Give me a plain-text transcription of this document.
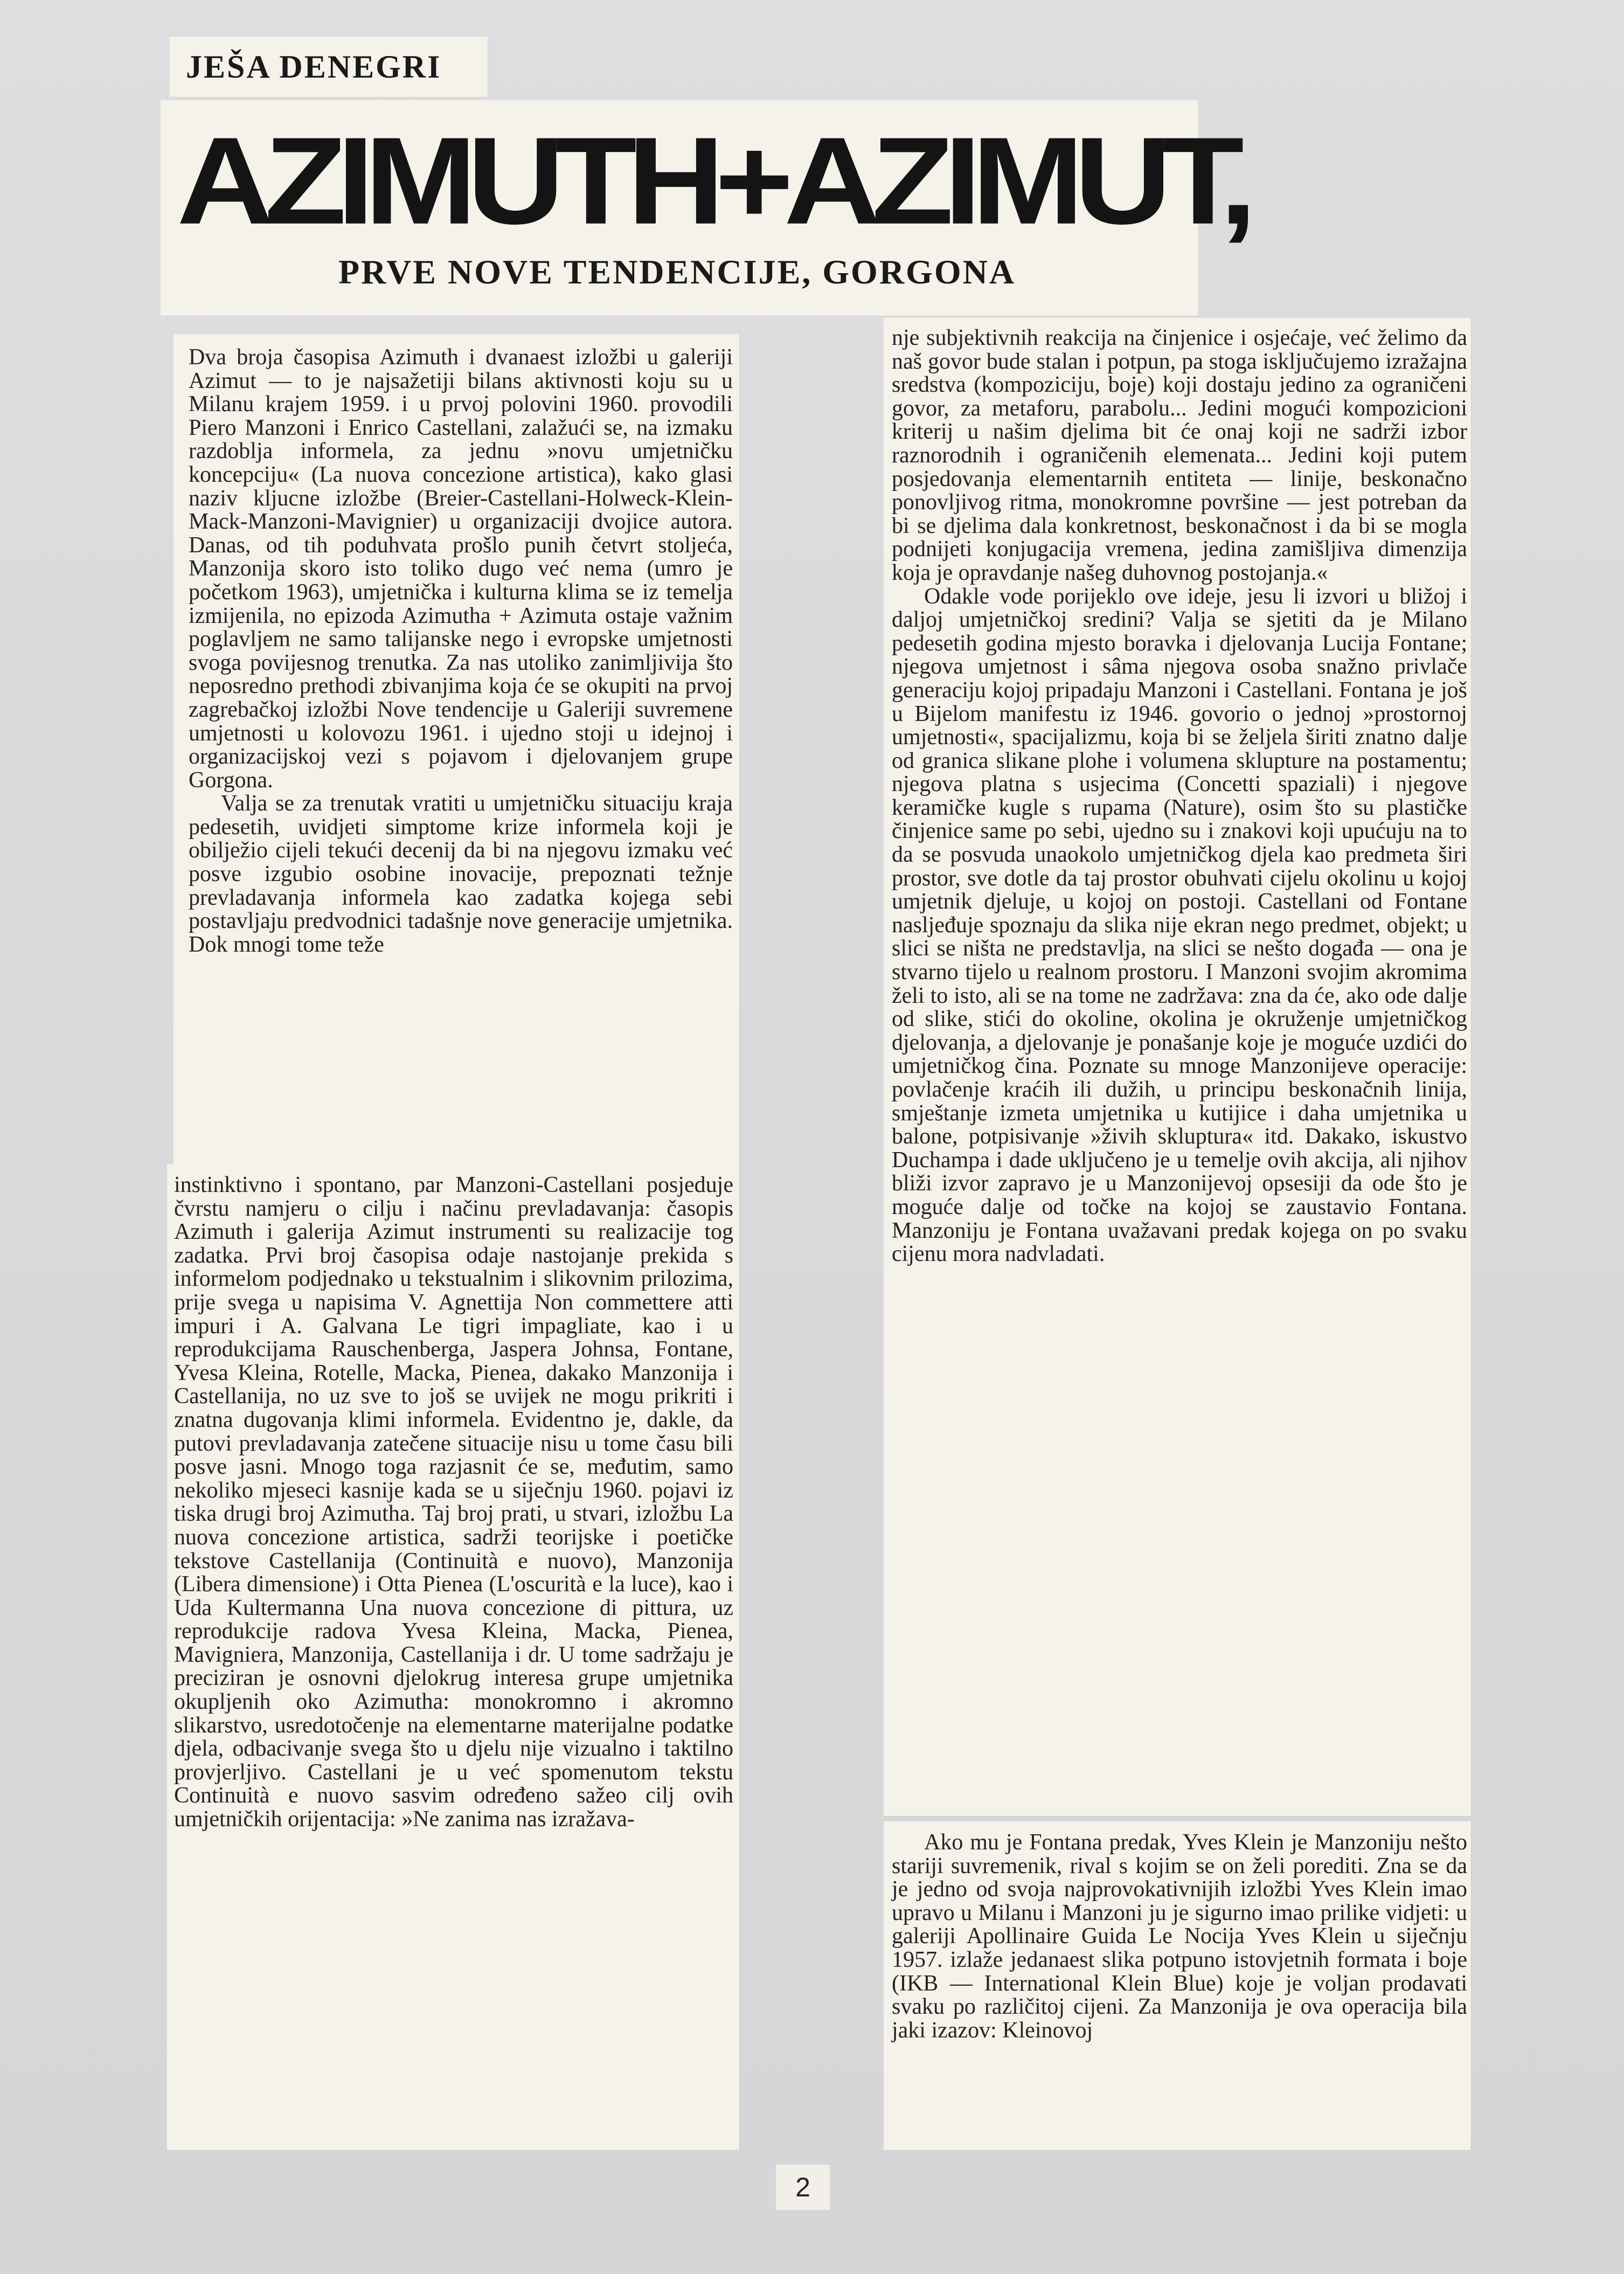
JEŠA DENEGRI
AZIMUTH+AZIMUT,
PRVE NOVE TENDENCIJE, GORGONA

Dva broja časopisa Azimuth i dvanaest izložbi u galeriji Azimut — to je najsažetiji bilans aktivnosti koju su u Milanu krajem 1959. i u prvoj polovini 1960. provodili Piero Manzoni i Enrico Castellani, zalažući se, na izmaku razdoblja informela, za jednu »novu umjetničku koncepciju« (La nuova concezione artistica), kako glasi naziv kljucne izložbe (Breier-Castellani-Holweck-Klein-Mack-Manzoni-Mavignier) u organizaciji dvojice autora. Danas, od tih poduhvata prošlo punih četvrt stoljeća, Manzonija skoro isto toliko dugo već nema (umro je početkom 1963), umjetnička i kulturna klima se iz temelja izmijenila, no epizoda Azimutha + Azimuta ostaje važnim poglavljem ne samo talijanske nego i evropske umjetnosti svoga povijesnog trenutka. Za nas utoliko zanimljivija što neposredno prethodi zbivanjima koja će se okupiti na prvoj zagrebačkoj izložbi Nove tendencije u Galeriji suvremene umjetnosti u kolovozu 1961. i ujedno stoji u idejnoj i organizacijskoj vezi s pojavom i djelovanjem grupe Gorgona.

Valja se za trenutak vratiti u umjetničku situaciju kraja pedesetih, uvidjeti simptome krize informela koji je obilježio cijeli tekući decenij da bi na njegovu izmaku već posve izgubio osobine inovacije, prepoznati težnje prevladavanja informela kao zadatka kojega sebi postavljaju predvodnici tadašnje nove generacije umjetnika. Dok mnogi tome teže

instinktivno i spontano, par Manzoni-Castellani posjeduje čvrstu namjeru o cilju i načinu prevladavanja: časopis Azimuth i galerija Azimut instrumenti su realizacije tog zadatka. Prvi broj časopisa odaje nastojanje prekida s informelom podjednako u tekstualnim i slikovnim prilozima, prije svega u napisima V. Agnettija Non commettere atti impuri i A. Galvana Le tigri impagliate, kao i u reprodukcijama Rauschenberga, Jaspera Johnsa, Fontane, Yvesa Kleina, Rotelle, Macka, Pienea, dakako Manzonija i Castellanija, no uz sve to još se uvijek ne mogu prikriti i znatna dugovanja klimi informela. Evidentno je, dakle, da putovi prevladavanja zatečene situacije nisu u tome času bili posve jasni. Mnogo toga razjasnit će se, međutim, samo nekoliko mjeseci kasnije kada se u siječnju 1960. pojavi iz tiska drugi broj Azimutha. Taj broj prati, u stvari, izložbu La nuova concezione artistica, sadrži teorijske i poetičke tekstove Castellanija (Continuità e nuovo), Manzonija (Libera dimensione) i Otta Pienea (L'oscurità e la luce), kao i Uda Kultermanna Una nuova concezione di pittura, uz reprodukcije radova Yvesa Kleina, Macka, Pienea, Mavigniera, Manzonija, Castellanija i dr. U tome sadržaju je preciziran je osnovni djelokrug interesa grupe umjetnika okupljenih oko Azimutha: monokromno i akromno slikarstvo, usredotočenje na elementarne materijalne podatke djela, odbacivanje svega što u djelu nije vizualno i taktilno provjerljivo. Castellani je u već spomenutom tekstu Continuità e nuovo sasvim određeno sažeo cilj ovih umjetničkih orijentacija: »Ne zanima nas izražava-

nje subjektivnih reakcija na činjenice i osjećaje, već želimo da naš govor bude stalan i potpun, pa stoga isključujemo izražajna sredstva (kompoziciju, boje) koji dostaju jedino za ograničeni govor, za metaforu, parabolu... Jedini mogući kompozicioni kriterij u našim djelima bit će onaj koji ne sadrži izbor raznorodnih i ograničenih elemenata... Jedini koji putem posjedovanja elementarnih entiteta — linije, beskonačno ponovljivog ritma, monokromne površine — jest potreban da bi se djelima dala konkretnost, beskonačnost i da bi se mogla podnijeti konjugacija vremena, jedina zamišljiva dimenzija koja je opravdanje našeg duhovnog postojanja.«

Odakle vode porijeklo ove ideje, jesu li izvori u bližoj i daljoj umjetničkoj sredini? Valja se sjetiti da je Milano pedesetih godina mjesto boravka i djelovanja Lucija Fontane; njegova umjetnost i sâma njegova osoba snažno privlače generaciju kojoj pripadaju Manzoni i Castellani. Fontana je još u Bijelom manifestu iz 1946. govorio o jednoj »prostornoj umjetnosti«, spacijalizmu, koja bi se željela širiti znatno dalje od granica slikane plohe i volumena sklupture na postamentu; njegova platna s usjecima (Concetti spaziali) i njegove keramičke kugle s rupama (Nature), osim što su plastičke činjenice same po sebi, ujedno su i znakovi koji upućuju na to da se posvuda unaokolo umjetničkog djela kao predmeta širi prostor, sve dotle da taj prostor obuhvati cijelu okolinu u kojoj umjetnik djeluje, u kojoj on postoji. Castellani od Fontane nasljeđuje spoznaju da slika nije ekran nego predmet, objekt; u slici se ništa ne predstavlja, na slici se nešto događa — ona je stvarno tijelo u realnom prostoru. I Manzoni svojim akromima želi to isto, ali se na tome ne zadržava: zna da će, ako ode dalje od slike, stići do okoline, okolina je okruženje umjetničkog djelovanja, a djelovanje je ponašanje koje je moguće uzdići do umjetničkog čina. Poznate su mnoge Manzonijeve operacije: povlačenje kraćih ili dužih, u principu beskonačnih linija, smještanje izmeta umjetnika u kutijice i daha umjetnika u balone, potpisivanje »živih skluptura« itd. Dakako, iskustvo Duchampa i dade uključeno je u temelje ovih akcija, ali njihov bliži izvor zapravo je u Manzonijevoj opsesiji da ode što je moguće dalje od točke na kojoj se zaustavio Fontana. Manzoniju je Fontana uvažavani predak kojega on po svaku cijenu mora nadvladati.

Ako mu je Fontana predak, Yves Klein je Manzoniju nešto stariji suvremenik, rival s kojim se on želi porediti. Zna se da je jedno od svoja najprovokativnijih izložbi Yves Klein imao upravo u Milanu i Manzoni ju je sigurno imao prilike vidjeti: u galeriji Apollinaire Guida Le Nocija Yves Klein u siječnju 1957. izlaže jedanaest slika potpuno istovjetnih formata i boje (IKB — International Klein Blue) koje je voljan prodavati svaku po različitoj cijeni. Za Manzonija je ova operacija bila jaki izazov: Kleinovoj

2
